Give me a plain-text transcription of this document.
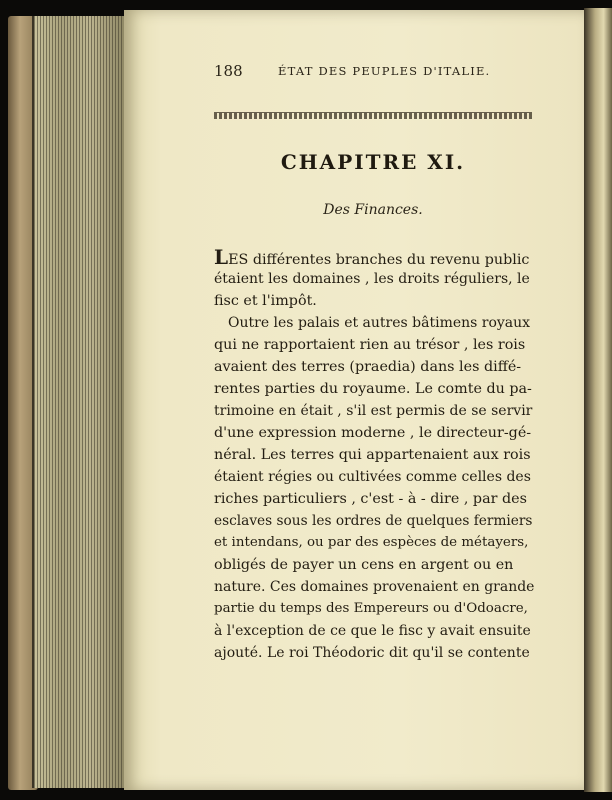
188	ÉTAT DES PEUPLES D'ITALIE.
CHAPITRE XI.
Des Finances.
LES différentes branches du revenu public
étaient les domaines , les droits réguliers, le
fisc et l'impôt.
Outre les palais et autres bâtimens royaux
qui ne rapportaient rien au trésor , les rois
avaient des terres (praedia) dans les diffé-
rentes parties du royaume. Le comte du pa-
trimoine en était , s'il est permis de se servir
d'une expression moderne , le directeur-gé-
néral. Les terres qui appartenaient aux rois
étaient régies ou cultivées comme celles des
riches particuliers , c'est - à - dire , par des
esclaves sous les ordres de quelques fermiers
et intendans, ou par des espèces de métayers,
obligés de payer un cens en argent ou en
nature. Ces domaines provenaient en grande
partie du temps des Empereurs ou d'Odoacre,
à l'exception de ce que le fisc y avait ensuite
ajouté. Le roi Théodoric dit qu'il se contente
